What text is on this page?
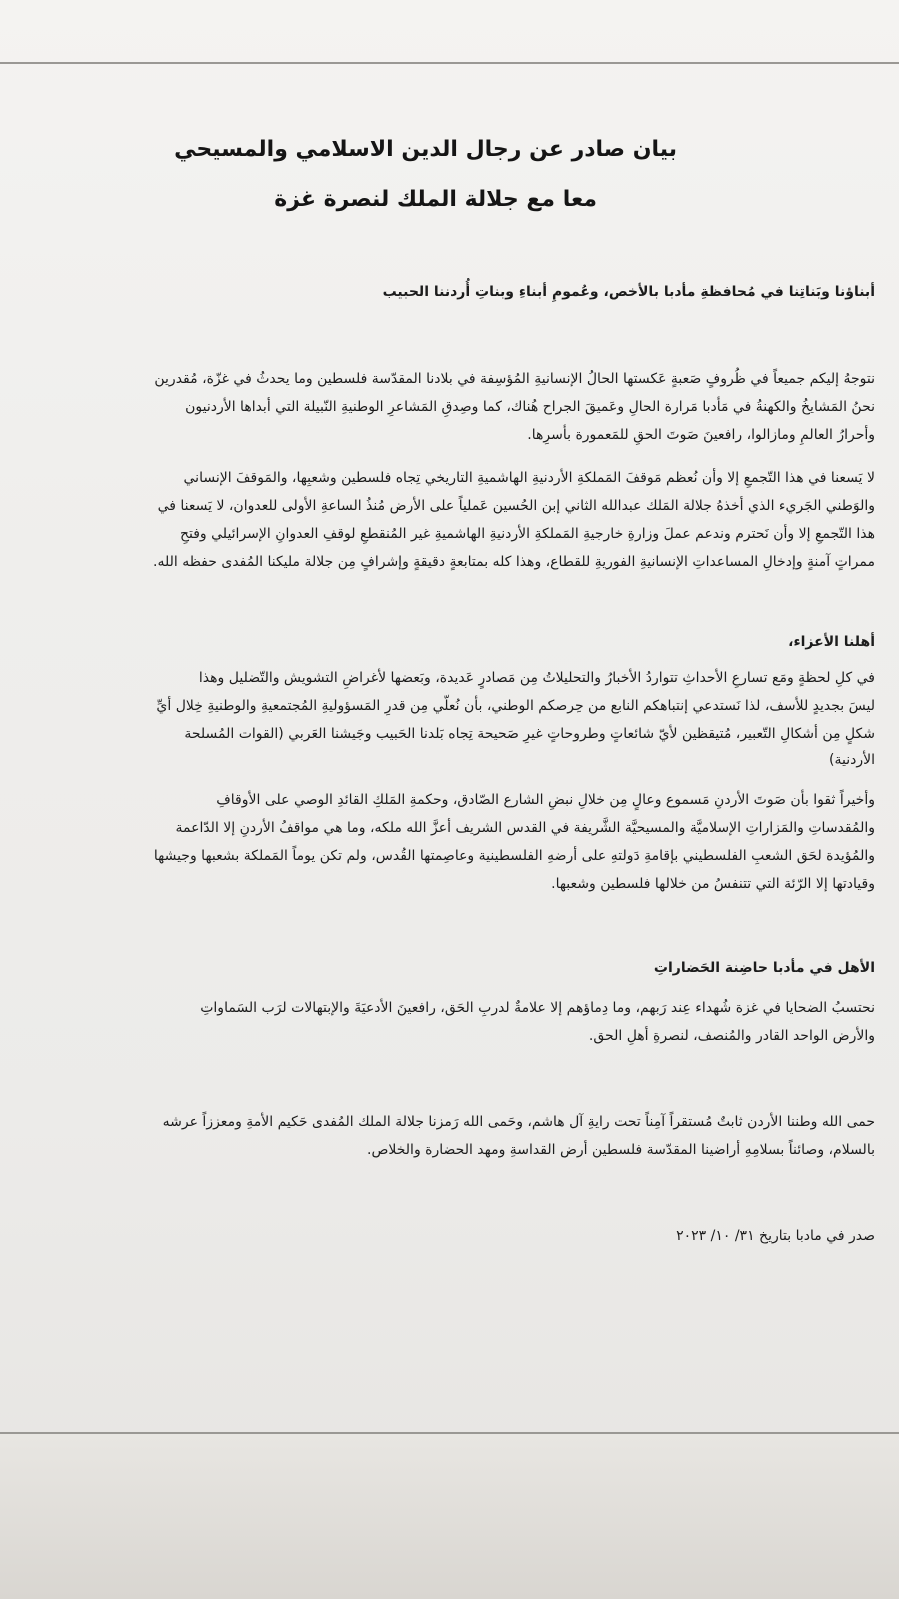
بيان صادر عن رجال الدين الاسلامي والمسيحي
معا مع جلالة الملك لنصرة غزة
أبناؤنا وبَناتِنا في مُحافظةِ مأدبا بالأخص، وعُمومِ أبناءِ وبناتِ أُردننا الحبيب
نتوجهُ إليكم جميعاً في ظُروفٍ صَعبةٍ عَكستها الحالُ الإنسانيةِ المُؤسِفة في بلادنا المقدّسة فلسطين وما يحدثُ في غزّة، مُقدرين
نحنُ المَشايخُ والكهنةُ في مَأدبا مَرارة الحالِ وعَميقَ الجراح هُناك، كما وصِدقِ المَشاعرِ الوطنيةِ النّبيلة التي أبداها الأردنيون
وأحرارُ العالمِ ومازالوا، رافعينَ صَوتَ الحقِ للمَعمورة بأسرِها.
لا يَسعنا في هذا التّجمعِ إلا وأن نُعظم مَوقفَ المَملكةِ الأردنيةِ الهاشميةِ التاريخي تِجاه فلسطين وشعبِها، والمَوقفَ الإنساني
والوَطني الجَريء الذي أخذهُ جلالة المَلك عبدالله الثاني إبن الحُسين عَملياً على الأرض مُنذُ الساعةِ الأولى للعدوان، لا يَسعنا في
هذا التّجمعِ إلا وأن نَحترم وندعم عملَ وزارةِ خارجيةِ المَملكةِ الأردنيةِ الهاشميةِ غير المُنقطعِ لوقفِ العدوانِ الإسرائيلي وفتحِ
ممراتٍ آمنةٍ وإدخالِ المساعداتِ الإنسانيةِ الفوريةِ للقطاع، وهذا كله بمتابعةٍ دقيقةٍ وإشرافٍ مِن جلالة مليكنا المُفدى حفظه الله.
أهلنا الأعزاء،
في كلِ لحظةٍ ومَع تسارعِ الأحداثِ تتواردُ الأخبارُ والتحليلاتُ مِن مَصادرٍ عَديدة، وبَعضها لأغراضِ التشويش والتّضليل وهذا
ليسَ بجديدٍ للأسف، لذا نَستدعي إنتباهكم النابع من حِرصكم الوطني، بأن نُعلّي مِن قدرِ المَسؤوليةِ المُجتمعيةِ والوطنيةِ خِلال أيِّ
شكلٍ مِن أشكالِ التّعبير، مُتيقظين لأيّ شائعاتٍ وطروحاتٍ غيرِ صَحيحة تِجاه بَلدنا الحَبيب وجَيشنا العَربي (القوات المُسلحة
الأردنية)
وأخيراً ثقوا بأن صَوتَ الأردنِ مَسموع وعالٍ مِن خلالِ نبضِ الشارع الصّادق، وحكمةِ المَلكِ القائدِ الوصي على الأوقافِ
والمُقدساتِ والمَزاراتِ الإسلاميَّة والمسيحيَّة الشَّريفة في القدس الشريف أعزَّ الله ملكه، وما هي مواقفُ الأردنِ إلا الدّاعمة
والمُؤيدة لحَق الشعبِ الفلسطيني بإقامةِ دَولتهِ على أرضهِ الفلسطينية وعاصِمتها القُدس، ولم تكن يوماً المَملكة بشعبها وجيشها
وقيادتها إلا الرّئة التي تتنفسُ من خلالها فلسطين وشعبها.
الأهل في مأدبا حاضِنة الحَضاراتِ
نحتسبُ الضحايا في غزة شُهداء عِند رَبهم، وما دِماؤهم إلا علامةٌ لدربِ الحَق، رافعينَ الأدعيَةَ والإبتهالات لرَب السَماواتِ
والأرض الواحد القادر والمُنصف، لنصرةِ أهلِ الحق.
حمى الله وطننا الأردن ثابتٌ مُستقراً آمِناً تحت رايةِ آل هاشم، وحَمى الله رَمزنا جلالة الملك المُفدى حَكيم الأمةِ ومعززاً عرشه
بالسلام، وصائناً بسلامِهِ أراضينا المقدّسة فلسطين أرض القداسةِ ومهد الحضارة والخلاص.
صدر في مادبا بتاريخ ٣١/ ١٠/ ٢٠٢٣
